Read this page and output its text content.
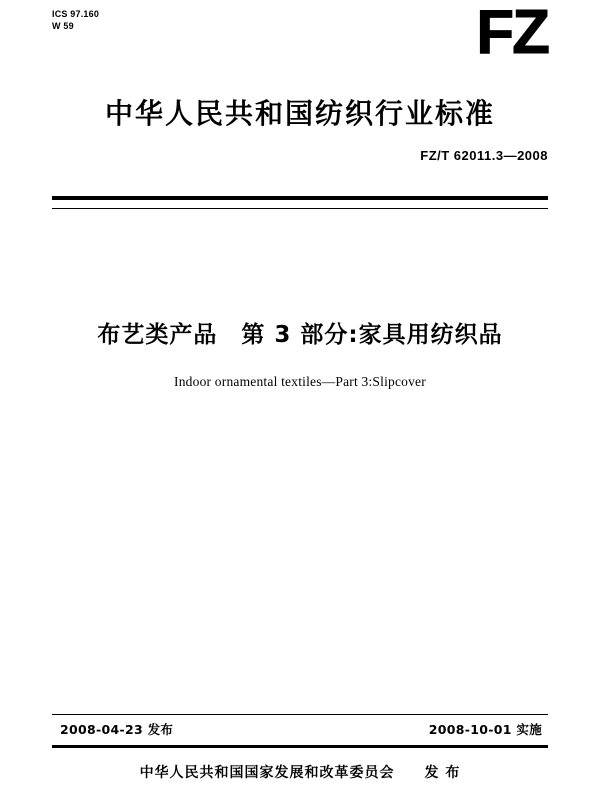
ICS 97.160
W 59	FZ
中华人民共和国纺织行业标准
FZ/T 62011.3—2008
布艺类产品　第 3 部分:家具用纺织品
Indoor ornamental textiles—Part 3:Slipcover
2008-04-23 发布	2008-10-01 实施
中华人民共和国国家发展和改革委员会　　发 布
